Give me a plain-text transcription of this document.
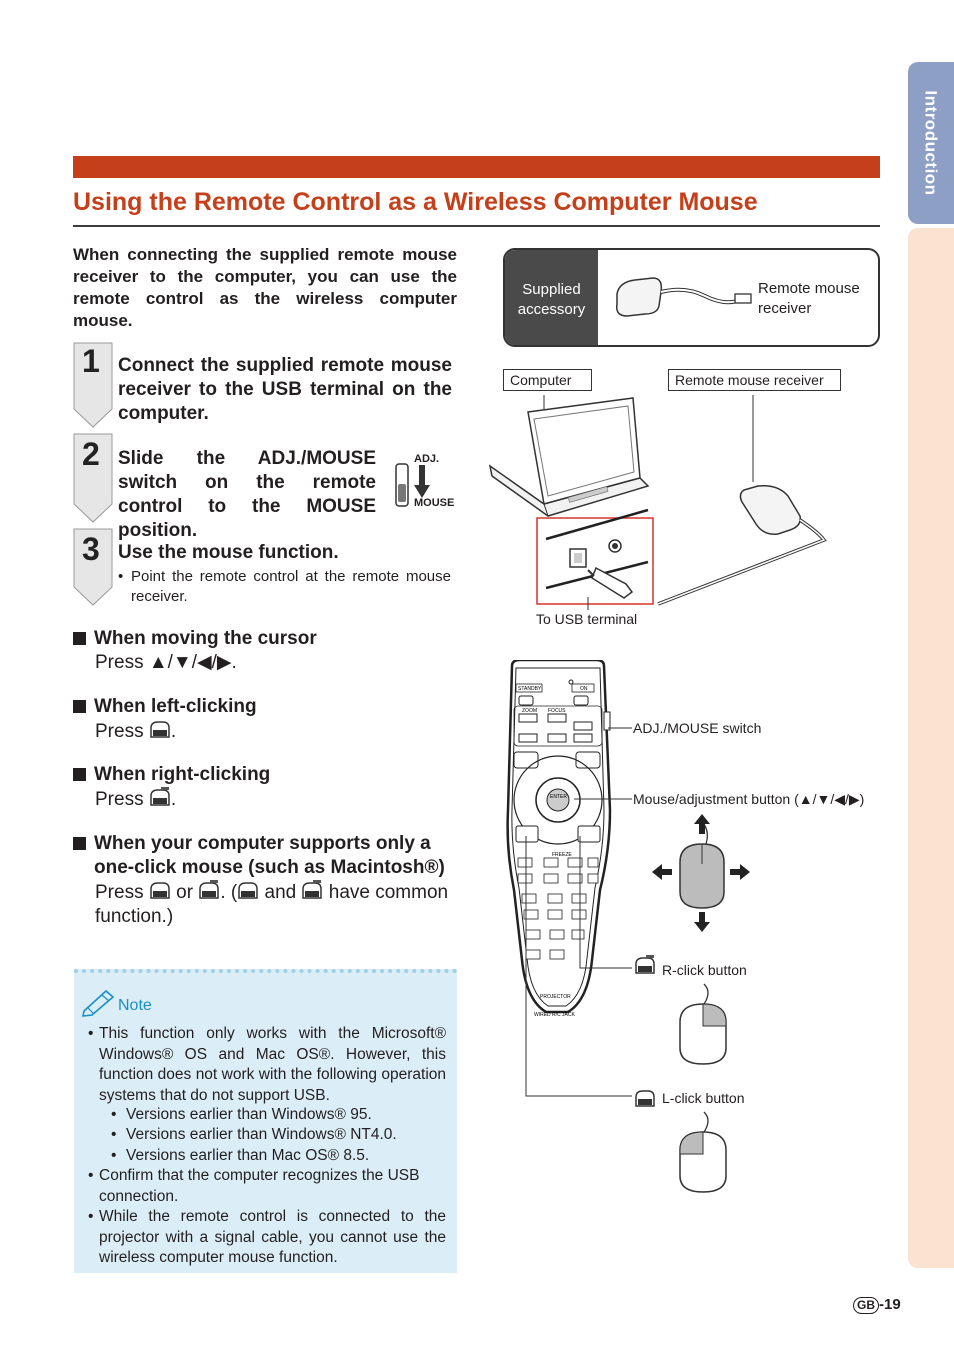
Introduction
Using the Remote Control as a Wireless Computer Mouse
When connecting the supplied remote mouse receiver to the computer, you can use the remote control as the wireless computer mouse.
1 Connect the supplied remote mouse receiver to the USB terminal on the computer.
2 Slide the ADJ./MOUSE switch on the remote control to the MOUSE position.
ADJ.
MOUSE
3 Use the mouse function.
• Point the remote control at the remote mouse receiver.
When moving the cursor
Press ▲/▼/◀/▶.
When left-clicking
Press .
When right-clicking
Press .
When your computer supports only a one-click mouse (such as Macintosh®)
Press or . ( and have common function.)
Note
• This function only works with the Microsoft® Windows® OS and Mac OS®. However, this function does not work with the following operation systems that do not support USB.
• Versions earlier than Windows® 95.
• Versions earlier than Windows® NT4.0.
• Versions earlier than Mac OS® 8.5.
• Confirm that the computer recognizes the USB connection.
• While the remote control is connected to the projector with a signal cable, you cannot use the wireless computer mouse function.
Supplied accessory
Remote mouse receiver
Computer	Remote mouse receiver
To USB terminal
STANDBY	ON
ZOOM FOCUS
ENTER
FREEZE
PROJECTOR
WIRED R/C JACK
ADJ./MOUSE switch
Mouse/adjustment button (▲/▼/◀/▶)
R-click button
L-click button
GB -19
